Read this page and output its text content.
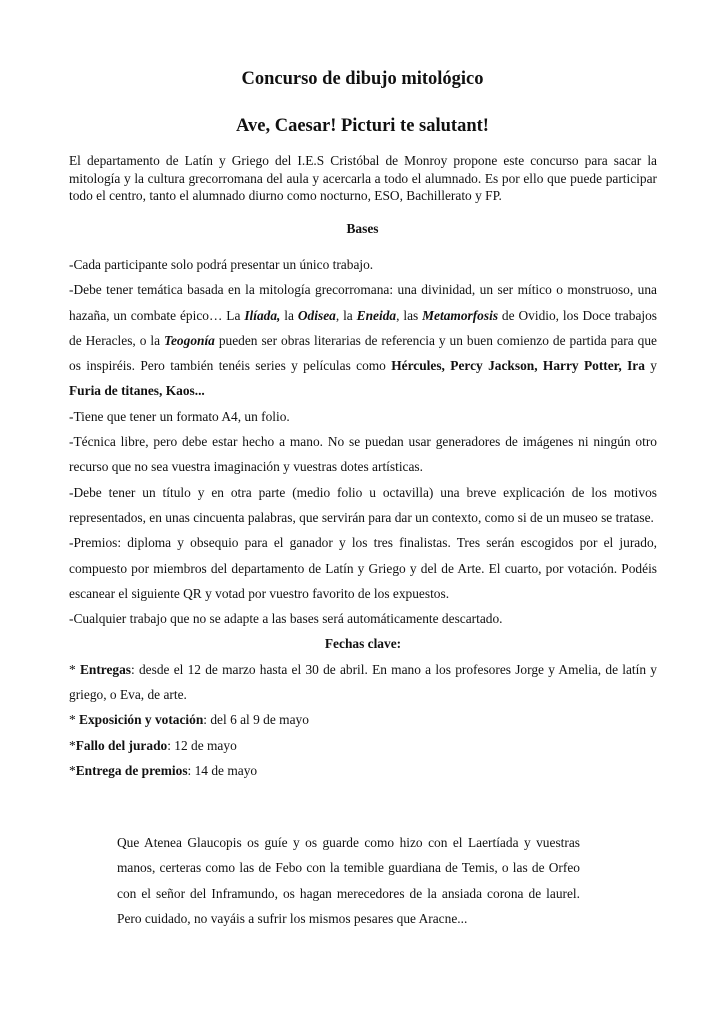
Concurso de dibujo mitológico
Ave, Caesar! Picturi te salutant!
El departamento de Latín y Griego del I.E.S Cristóbal de Monroy propone este concurso para sacar la mitología y la cultura grecorromana del aula y acercarla a todo el alumnado. Es por ello que puede participar todo el centro, tanto el alumnado diurno como nocturno, ESO, Bachillerato y FP.
Bases

-Cada participante solo podrá presentar un único trabajo.

-Debe tener temática basada en la mitología grecorromana: una divinidad, un ser mítico o monstruoso, una hazaña, un combate épico… La Ilíada, la Odisea, la Eneida, las Metamorfosis de Ovidio, los Doce trabajos de Heracles, o la Teogonía pueden ser obras literarias de referencia y un buen comienzo de partida para que os inspiréis. Pero también tenéis series y películas como Hércules, Percy Jackson, Harry Potter, Ira y Furia de titanes, Kaos...

-Tiene que tener un formato A4, un folio.

-Técnica libre, pero debe estar hecho a mano. No se puedan usar generadores de imágenes ni ningún otro recurso que no sea vuestra imaginación y vuestras dotes artísticas.

-Debe tener un título y en otra parte (medio folio u octavilla) una breve explicación de los motivos representados, en unas cincuenta palabras, que servirán para dar un contexto, como si de un museo se tratase.

-Premios: diploma y obsequio para el ganador y los tres finalistas. Tres serán escogidos por el jurado, compuesto por miembros del departamento de Latín y Griego y del de Arte. El cuarto, por votación. Podéis escanear el siguiente QR y votad por vuestro favorito de los expuestos.

-Cualquier trabajo que no se adapte a las bases será automáticamente descartado.

Fechas clave:

* Entregas: desde el 12 de marzo hasta el 30 de abril. En mano a los profesores Jorge y Amelia, de latín y griego, o Eva, de arte.

* Exposición y votación: del 6 al 9 de mayo

*Fallo del jurado: 12 de mayo

*Entrega de premios: 14 de mayo

Que Atenea Glaucopis os guíe y os guarde como hizo con el Laertíada y vuestras manos, certeras como las de Febo con la temible guardiana de Temis, o las de Orfeo con el señor del Inframundo, os hagan merecedores de la ansiada corona de laurel. Pero cuidado, no vayáis a sufrir los mismos pesares que Aracne...
